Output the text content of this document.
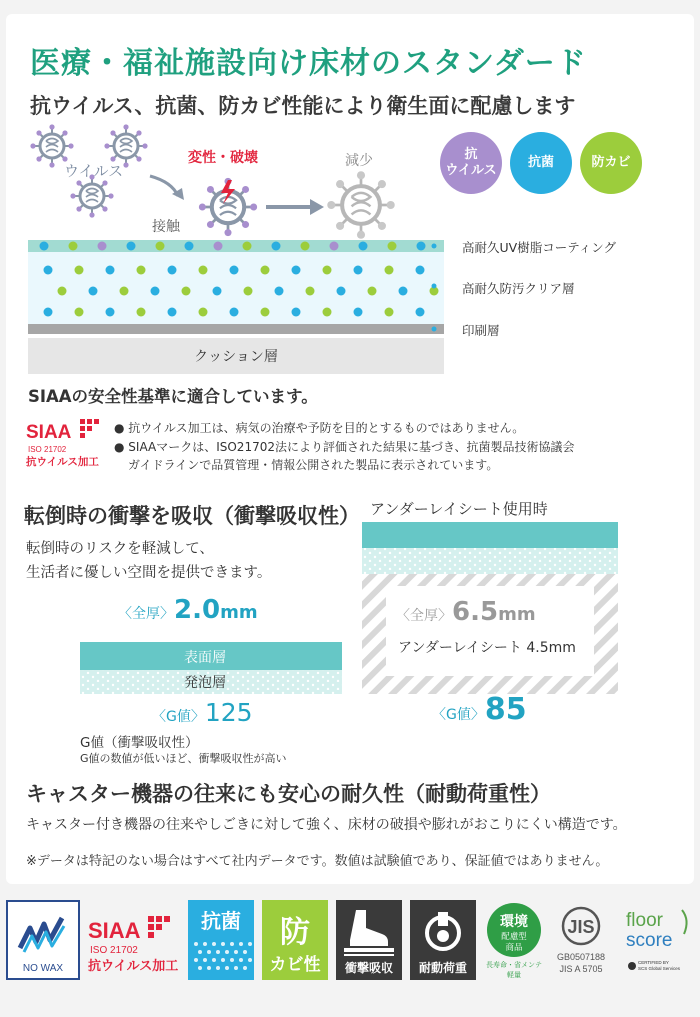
医療・福祉施設向け床材のスタンダード
抗ウイルス、抗菌、防カビ性能により衛生面に配慮します
ウイルス
変性・破壊	減少
接触
抗
ウイルス
抗菌	防カビ
高耐久UV樹脂コーティング
高耐久防汚クリア層
印刷層
クッション層
SIAAの安全性基準に適合しています。
SIAA
ISO 21702
抗ウイルス加工
● 抗ウイルス加工は、病気の治療や予防を目的とするものではありません。
● SIAAマークは、ISO21702法により評価された結果に基づき、抗菌製品技術協議会
ガイドラインで品質管理・情報公開された製品に表示されています。
転倒時の衝撃を吸収（衝撃吸収性）
転倒時のリスクを軽減して、
生活者に優しい空間を提供できます。
〈全厚〉2.0mm
表面層
発泡層
〈G値〉125
G値（衝撃吸収性）
G値の数値が低いほど、衝撃吸収性が高い
アンダーレイシート使用時
〈全厚〉6.5mm
アンダーレイシート 4.5mm
〈G値〉85
キャスター機器の往来にも安心の耐久性（耐動荷重性）
キャスター付き機器の往来やしごきに対して強く、床材の破損や膨れがおこりにくい構造です。
※データは特記のない場合はすべて社内データです。数値は試験値であり、保証値ではありません。
NO WAX
SIAA
ISO 21702
抗ウイルス加工
抗菌 防
カビ性 衝撃吸収 耐動荷重
環境
配慮型
商品
長寿命・省メンテ
軽量
JIS
GB0507188
JIS A 5705
floor
score
CERTIFIED BY
SCS Global Services
